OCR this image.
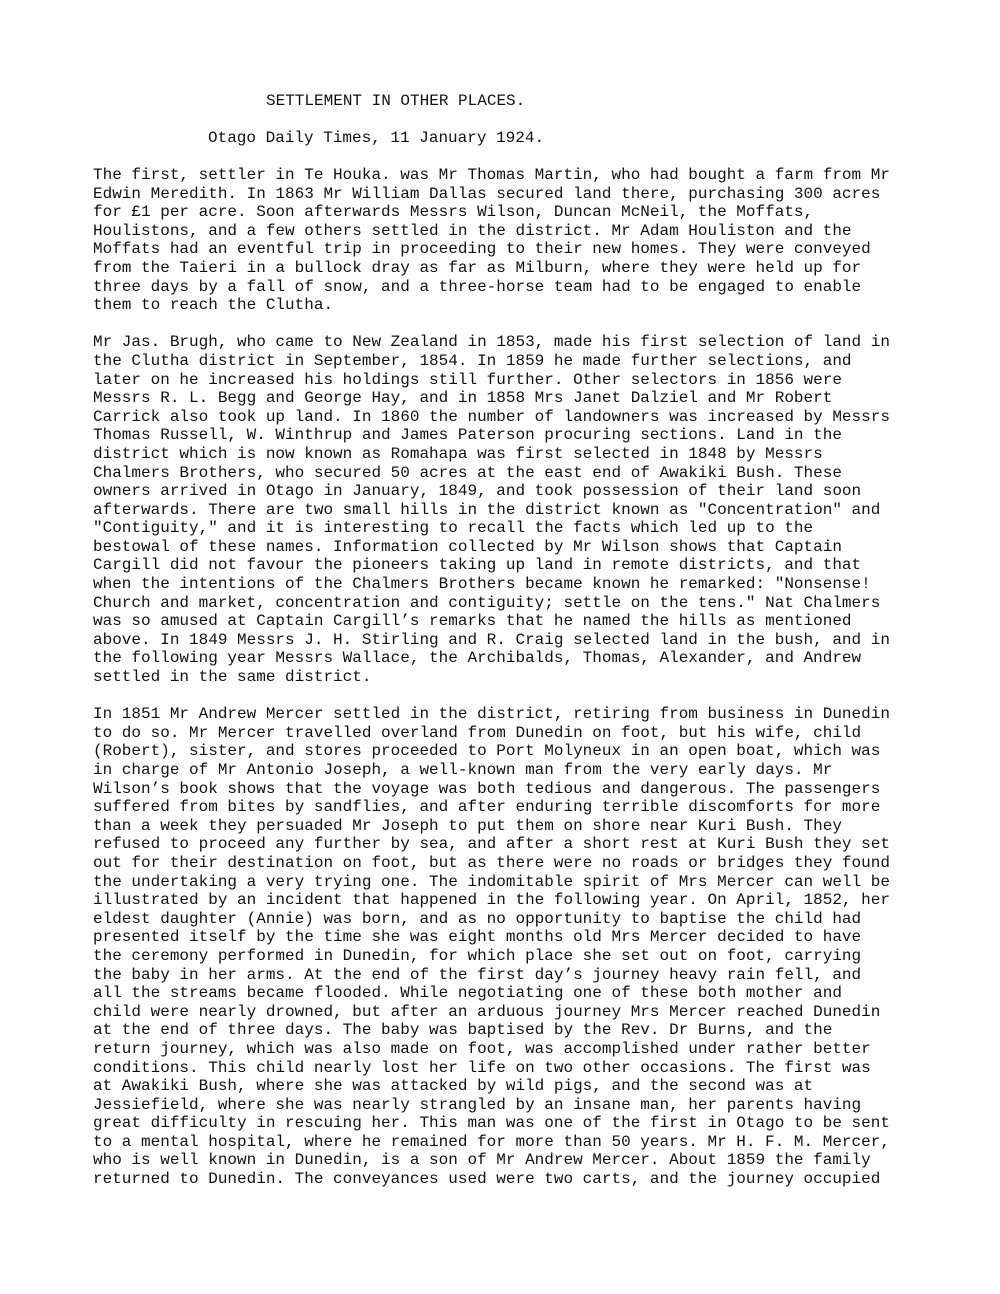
SETTLEMENT IN OTHER PLACES.
Otago Daily Times, 11 January 1924.

The first, settler in Te Houka. was Mr Thomas Martin, who had bought a farm from Mr
Edwin Meredith. In 1863 Mr William Dallas secured land there, purchasing 300 acres
for £1 per acre. Soon afterwards Messrs Wilson, Duncan McNeil, the Moffats,
Houlistons, and a few others settled in the district. Mr Adam Houliston and the
Moffats had an eventful trip in proceeding to their new homes. They were conveyed
from the Taieri in a bullock dray as far as Milburn, where they were held up for
three days by a fall of snow, and a three-horse team had to be engaged to enable
them to reach the Clutha.

Mr Jas. Brugh, who came to New Zealand in 1853, made his first selection of land in
the Clutha district in September, 1854. In 1859 he made further selections, and
later on he increased his holdings still further. Other selectors in 1856 were
Messrs R. L. Begg and George Hay, and in 1858 Mrs Janet Dalziel and Mr Robert
Carrick also took up land. In 1860 the number of landowners was increased by Messrs
Thomas Russell, W. Winthrup and James Paterson procuring sections. Land in the
district which is now known as Romahapa was first selected in 1848 by Messrs
Chalmers Brothers, who secured 50 acres at the east end of Awakiki Bush. These
owners arrived in Otago in January, 1849, and took possession of their land soon
afterwards. There are two small hills in the district known as "Concentration" and
"Contiguity," and it is interesting to recall the facts which led up to the
bestowal of these names. Information collected by Mr Wilson shows that Captain
Cargill did not favour the pioneers taking up land in remote districts, and that
when the intentions of the Chalmers Brothers became known he remarked: "Nonsense!
Church and market, concentration and contiguity; settle on the tens." Nat Chalmers
was so amused at Captain Cargill’s remarks that he named the hills as mentioned
above. In 1849 Messrs J. H. Stirling and R. Craig selected land in the bush, and in
the following year Messrs Wallace, the Archibalds, Thomas, Alexander, and Andrew
settled in the same district.

In 1851 Mr Andrew Mercer settled in the district, retiring from business in Dunedin
to do so. Mr Mercer travelled overland from Dunedin on foot, but his wife, child
(Robert), sister, and stores proceeded to Port Molyneux in an open boat, which was
in charge of Mr Antonio Joseph, a well-known man from the very early days. Mr
Wilson’s book shows that the voyage was both tedious and dangerous. The passengers
suffered from bites by sandflies, and after enduring terrible discomforts for more
than a week they persuaded Mr Joseph to put them on shore near Kuri Bush. They
refused to proceed any further by sea, and after a short rest at Kuri Bush they set
out for their destination on foot, but as there were no roads or bridges they found
the undertaking a very trying one. The indomitable spirit of Mrs Mercer can well be
illustrated by an incident that happened in the following year. On April, 1852, her
eldest daughter (Annie) was born, and as no opportunity to baptise the child had
presented itself by the time she was eight months old Mrs Mercer decided to have
the ceremony performed in Dunedin, for which place she set out on foot, carrying
the baby in her arms. At the end of the first day’s journey heavy rain fell, and
all the streams became flooded. While negotiating one of these both mother and
child were nearly drowned, but after an arduous journey Mrs Mercer reached Dunedin
at the end of three days. The baby was baptised by the Rev. Dr Burns, and the
return journey, which was also made on foot, was accomplished under rather better
conditions. This child nearly lost her life on two other occasions. The first was
at Awakiki Bush, where she was attacked by wild pigs, and the second was at
Jessiefield, where she was nearly strangled by an insane man, her parents having
great difficulty in rescuing her. This man was one of the first in Otago to be sent
to a mental hospital, where he remained for more than 50 years. Mr H. F. M. Mercer,
who is well known in Dunedin, is a son of Mr Andrew Mercer. About 1859 the family
returned to Dunedin. The conveyances used were two carts, and the journey occupied
